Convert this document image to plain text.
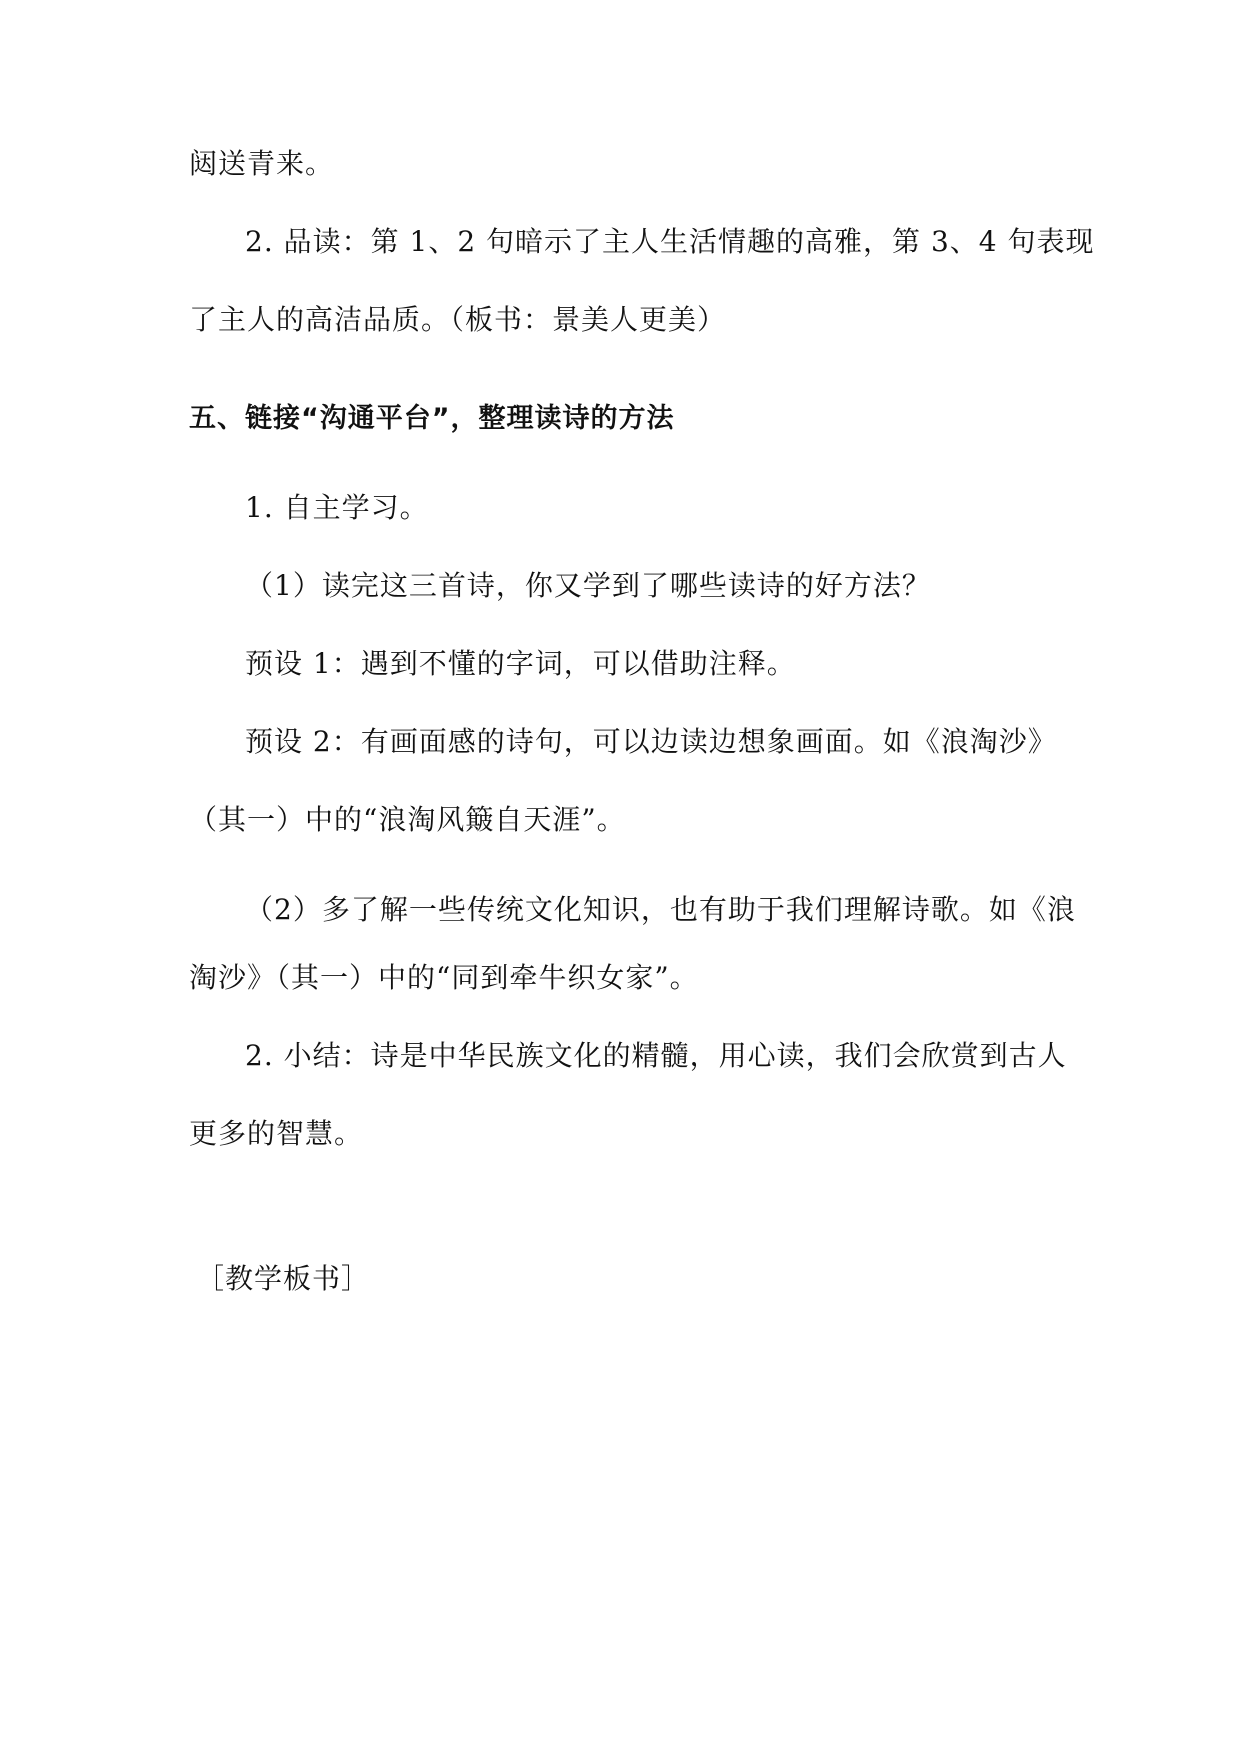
闼送青来。
2. 品读：第 1、2 句暗示了主人生活情趣的高雅，第 3、4 句表现
了主人的高洁品质。（板书：景美人更美）
五、链接“沟通平台”，整理读诗的方法
1. 自主学习。
（1）读完这三首诗，你又学到了哪些读诗的好方法？
预设 1：遇到不懂的字词，可以借助注释。
预设 2：有画面感的诗句，可以边读边想象画面。如《浪淘沙》
（其一）中的“浪淘风簸自天涯”。
（2）多了解一些传统文化知识，也有助于我们理解诗歌。如《浪
淘沙》（其一）中的“同到牵牛织女家”。
2. 小结：诗是中华民族文化的精髓，用心读，我们会欣赏到古人
更多的智慧。
［教学板书］
